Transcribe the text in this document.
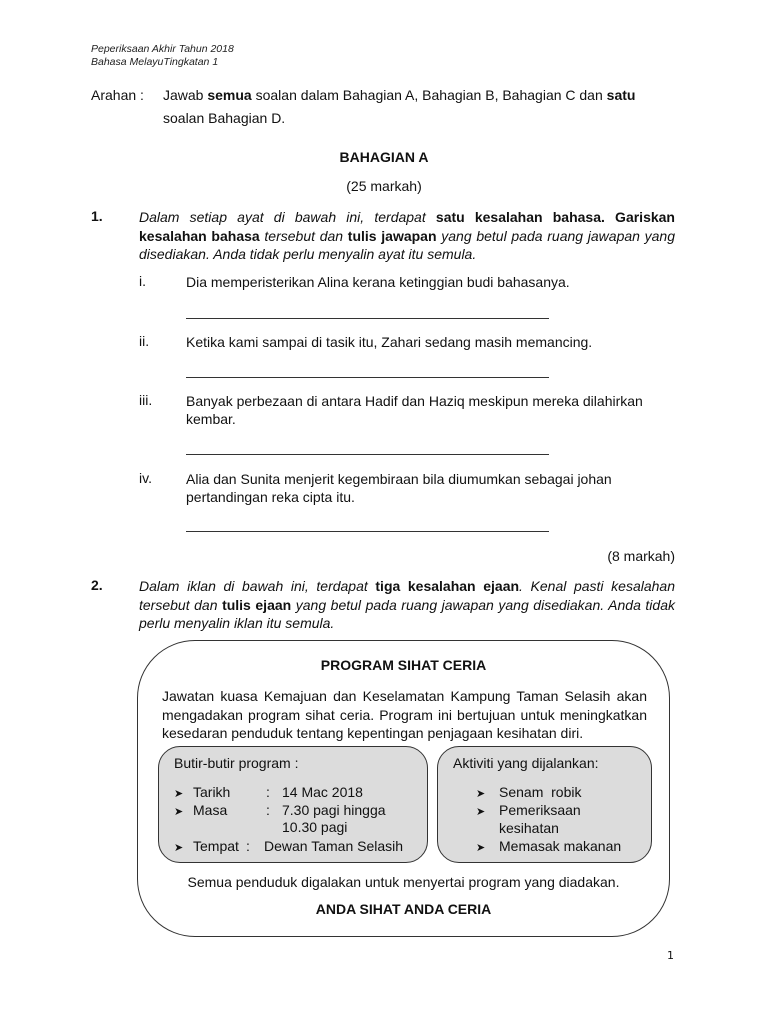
Peperiksaan Akhir Tahun 2018
Bahasa MelayuTingkatan 1
Arahan : Jawab semua soalan dalam Bahagian A, Bahagian B, Bahagian C dan satu
soalan Bahagian D.
BAHAGIAN A
(25 markah)
1.	Dalam setiap ayat di bawah ini, terdapat satu kesalahan bahasa. Gariskan kesalahan bahasa tersebut dan tulis jawapan yang betul pada ruang jawapan yang disediakan. Anda tidak perlu menyalin ayat itu semula.
i.	Dia memperisterikan Alina kerana ketinggian budi bahasanya.
ii.	Ketika kami sampai di tasik itu, Zahari sedang masih memancing.
iii. Banyak perbezaan di antara Hadif dan Haziq meskipun mereka dilahirkan kembar.
iv. Alia dan Sunita menjerit kegembiraan bila diumumkan sebagai johan pertandingan reka cipta itu.
(8 markah)
2.	Dalam iklan di bawah ini, terdapat tiga kesalahan ejaan. Kenal pasti kesalahan tersebut dan tulis ejaan yang betul pada ruang jawapan yang disediakan. Anda tidak perlu menyalin iklan itu semula.
PROGRAM SIHAT CERIA
Jawatan kuasa Kemajuan dan Keselamatan Kampung Taman Selasih akan mengadakan program sihat ceria. Program ini bertujuan untuk meningkatkan kesedaran penduduk tentang kepentingan penjagaan kesihatan diri.
Butir-butir program :
➤ Tarikh	: 14 Mac 2018
➤ Masa	: 7.30 pagi hingga
10.30 pagi
➤ Tempat : Dewan Taman Selasih
Aktiviti yang dijalankan:
➤ Senam  robik
➤ Pemeriksaan
kesihatan
➤ Memasak makanan
Semua penduduk digalakan untuk menyertai program yang diadakan.
ANDA SIHAT ANDA CERIA
1
